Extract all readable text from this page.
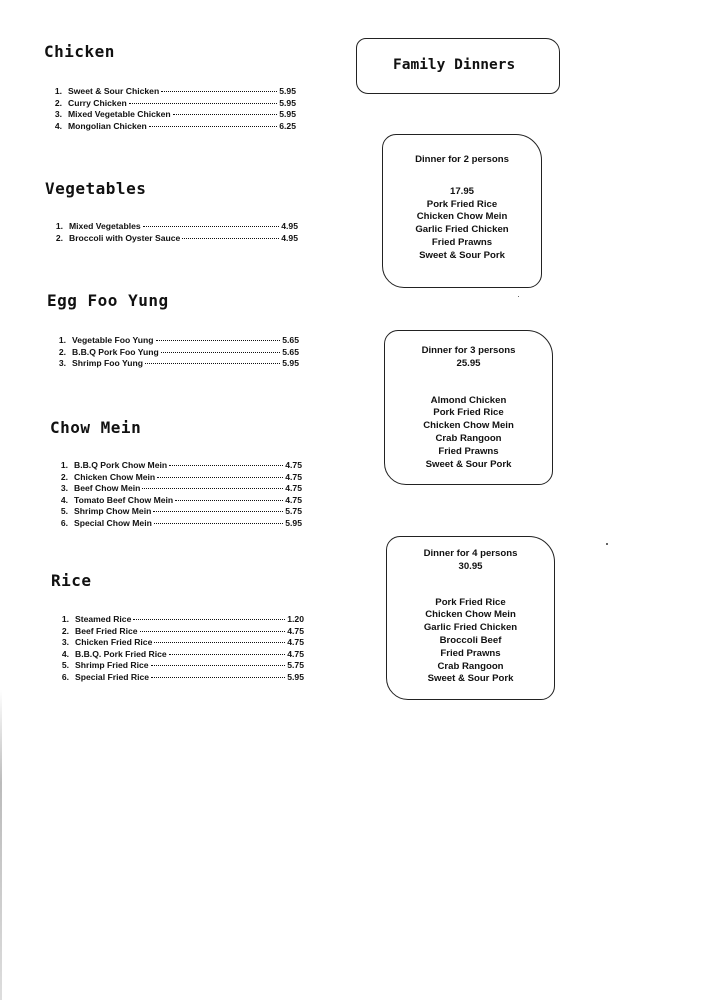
Chicken
1. Sweet & Sour Chicken	5.95
2. Curry Chicken	5.95
3. Mixed Vegetable Chicken	5.95
4. Mongolian Chicken	6.25
Vegetables
1. Mixed Vegetables	4.95
2. Broccoli with Oyster Sauce	4.95
Egg Foo Yung
1. Vegetable Foo Yung	5.65
2. B.B.Q Pork Foo Yung	5.65
3. Shrimp Foo Yung	5.95
Chow Mein
1. B.B.Q Pork Chow Mein	4.75
2. Chicken Chow Mein	4.75
3. Beef Chow Mein	4.75
4. Tomato Beef Chow Mein	4.75
5. Shrimp Chow Mein	5.75
6. Special Chow Mein	5.95
Rice
1. Steamed Rice	1.20
2. Beef Fried Rice	4.75
3. Chicken Fried Rice	4.75
4. B.B.Q. Pork Fried Rice	4.75
5. Shrimp Fried Rice	5.75
6. Special Fried Rice	5.95
Family Dinners
Dinner for 2 persons
17.95
Pork Fried Rice
Chicken Chow Mein
Garlic Fried Chicken
Fried Prawns
Sweet & Sour Pork
Dinner for 3 persons
25.95
Almond Chicken
Pork Fried Rice
Chicken Chow Mein
Crab Rangoon
Fried Prawns
Sweet & Sour Pork
Dinner for 4 persons
30.95
Pork Fried Rice
Chicken Chow Mein
Garlic Fried Chicken
Broccoli Beef
Fried Prawns
Crab Rangoon
Sweet & Sour Pork
